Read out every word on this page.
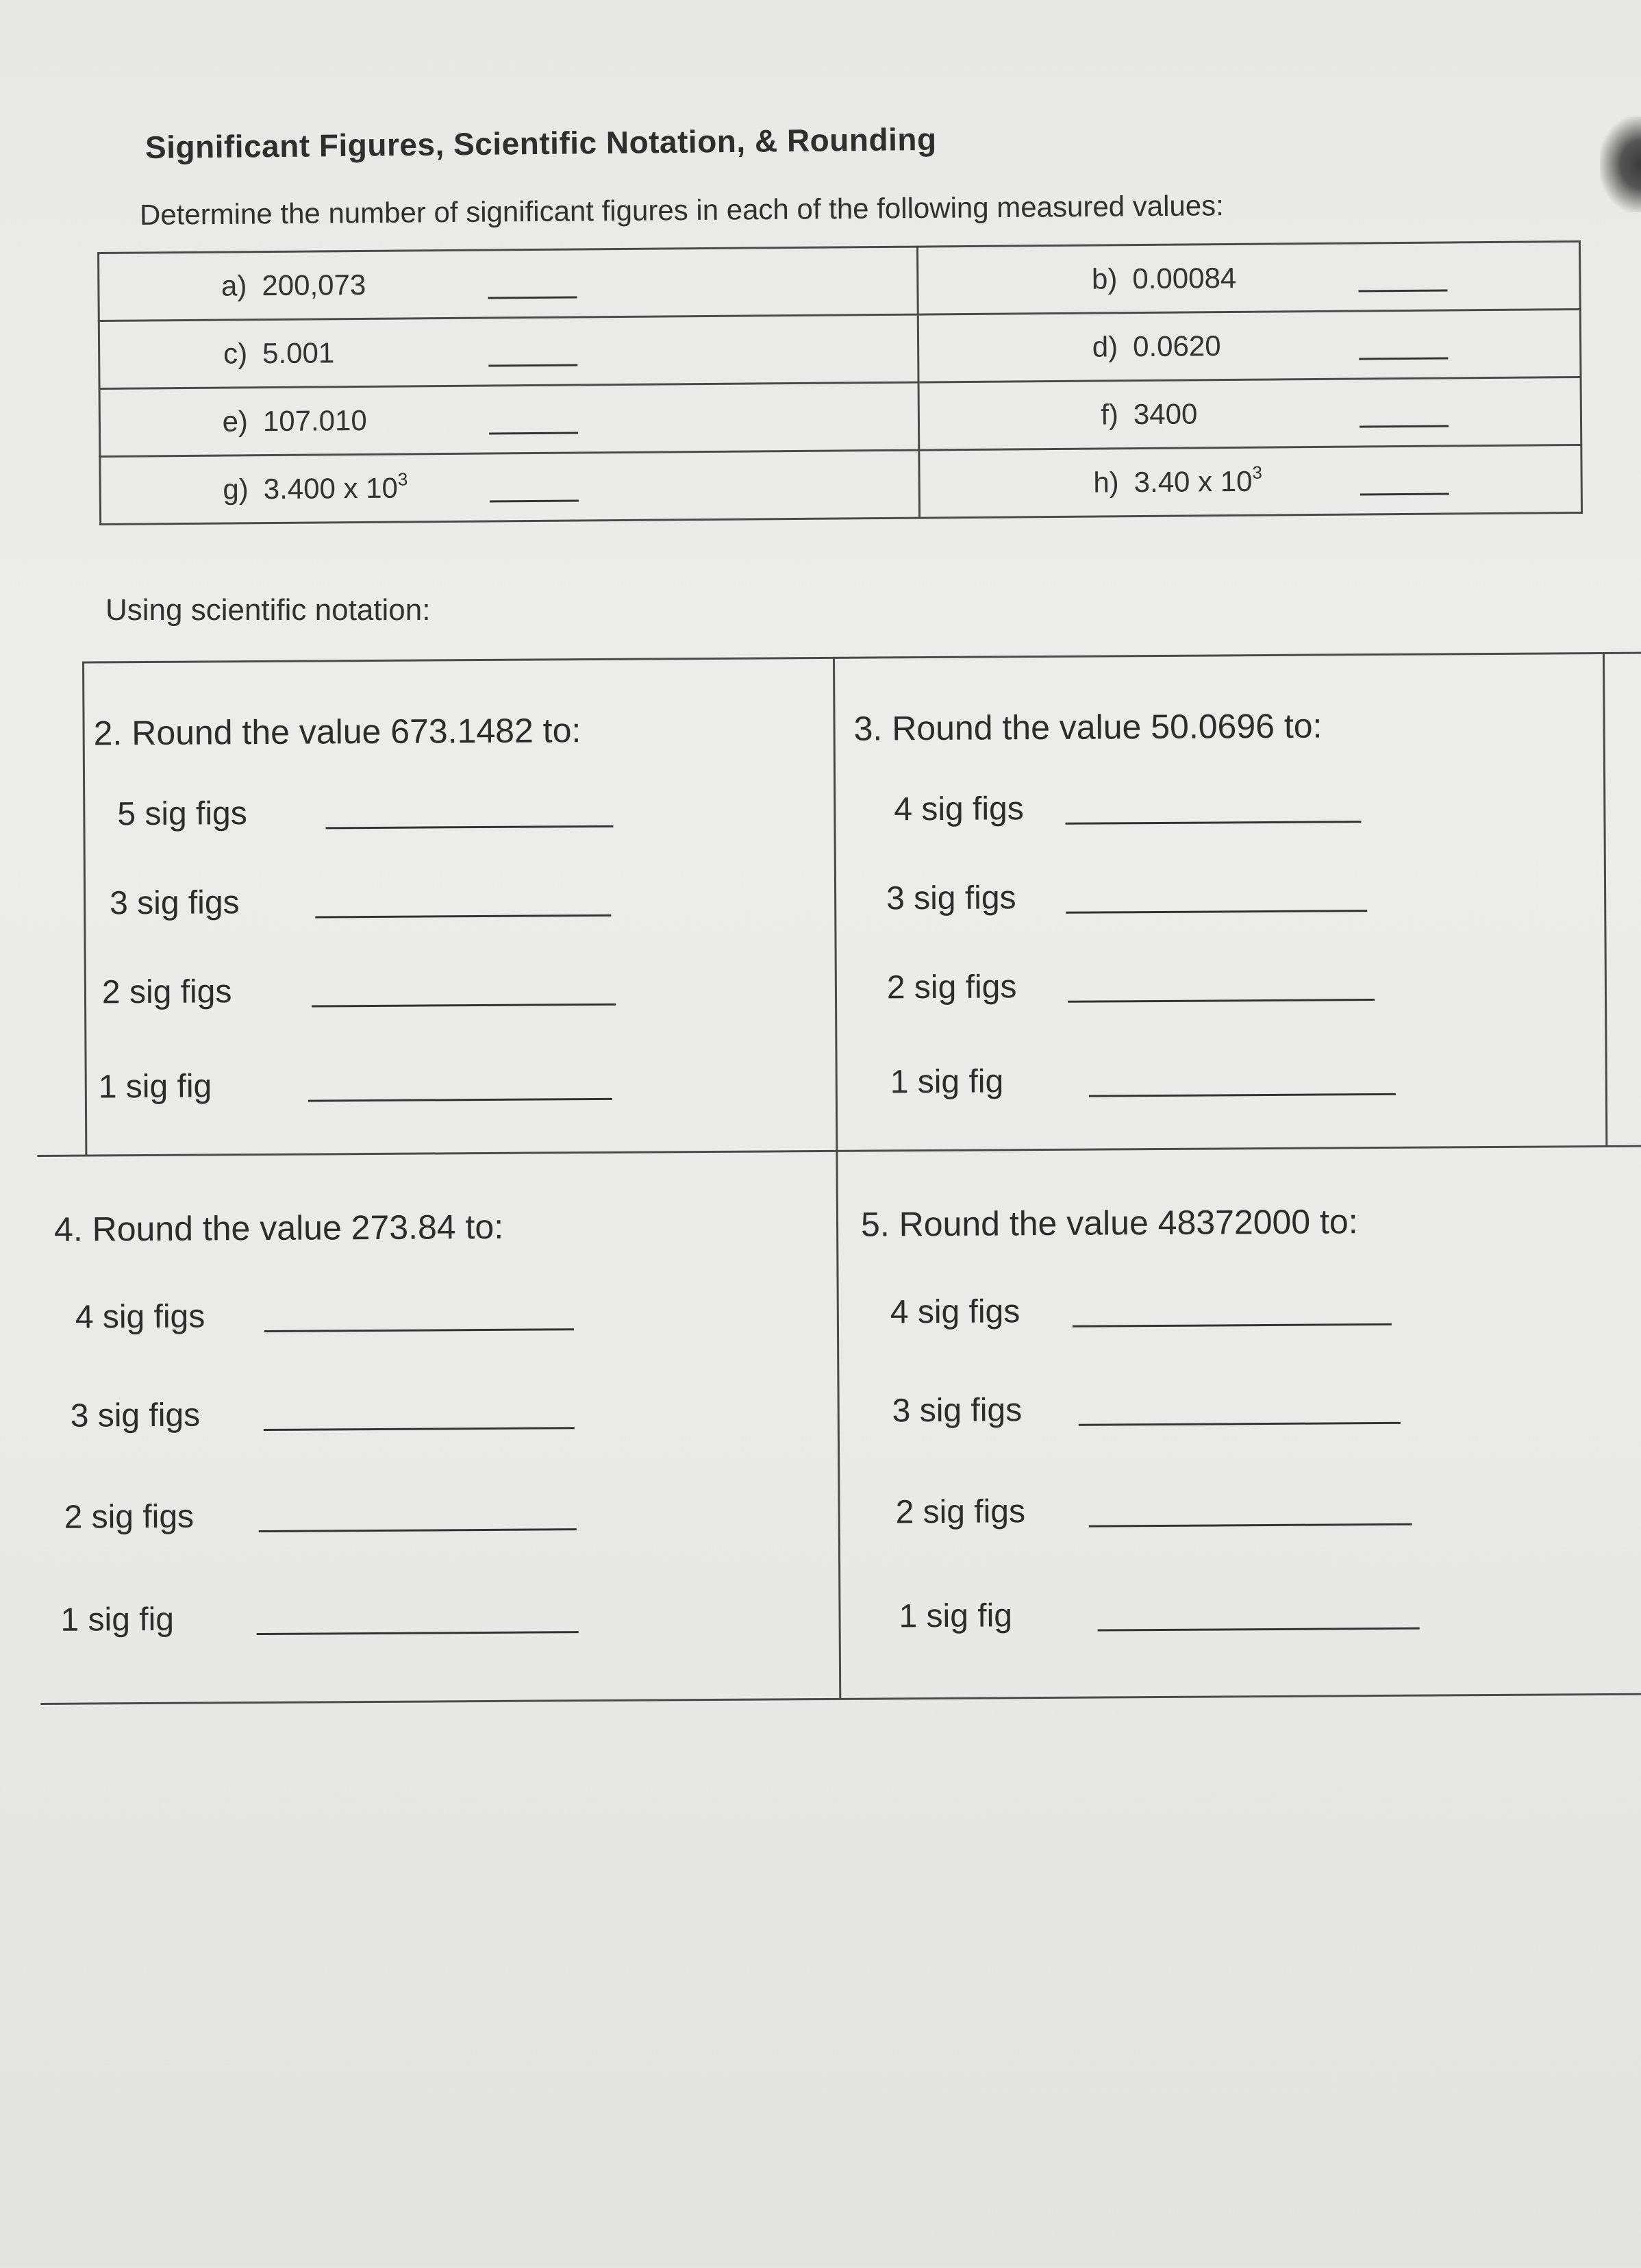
Significant Figures, Scientific Notation, & Rounding
Determine the number of significant figures in each of the following measured values:
a) 200,073	b) 0.00084

c) 5.001	d) 0.0620

e) 107.010	f) 3400

g) 3.400 x $10^3$	h) 3.40 x $10^3$
Using scientific notation:
2. Round the value 673.1482 to:
5 sig figs
3 sig figs
2 sig figs
1 sig fig
3. Round the value 50.0696 to:
4 sig figs
3 sig figs
2 sig figs
1 sig fig
4. Round the value 273.84 to:
4 sig figs
3 sig figs
2 sig figs
1 sig fig
5. Round the value 48372000 to:
4 sig figs
3 sig figs
2 sig figs
1 sig fig
